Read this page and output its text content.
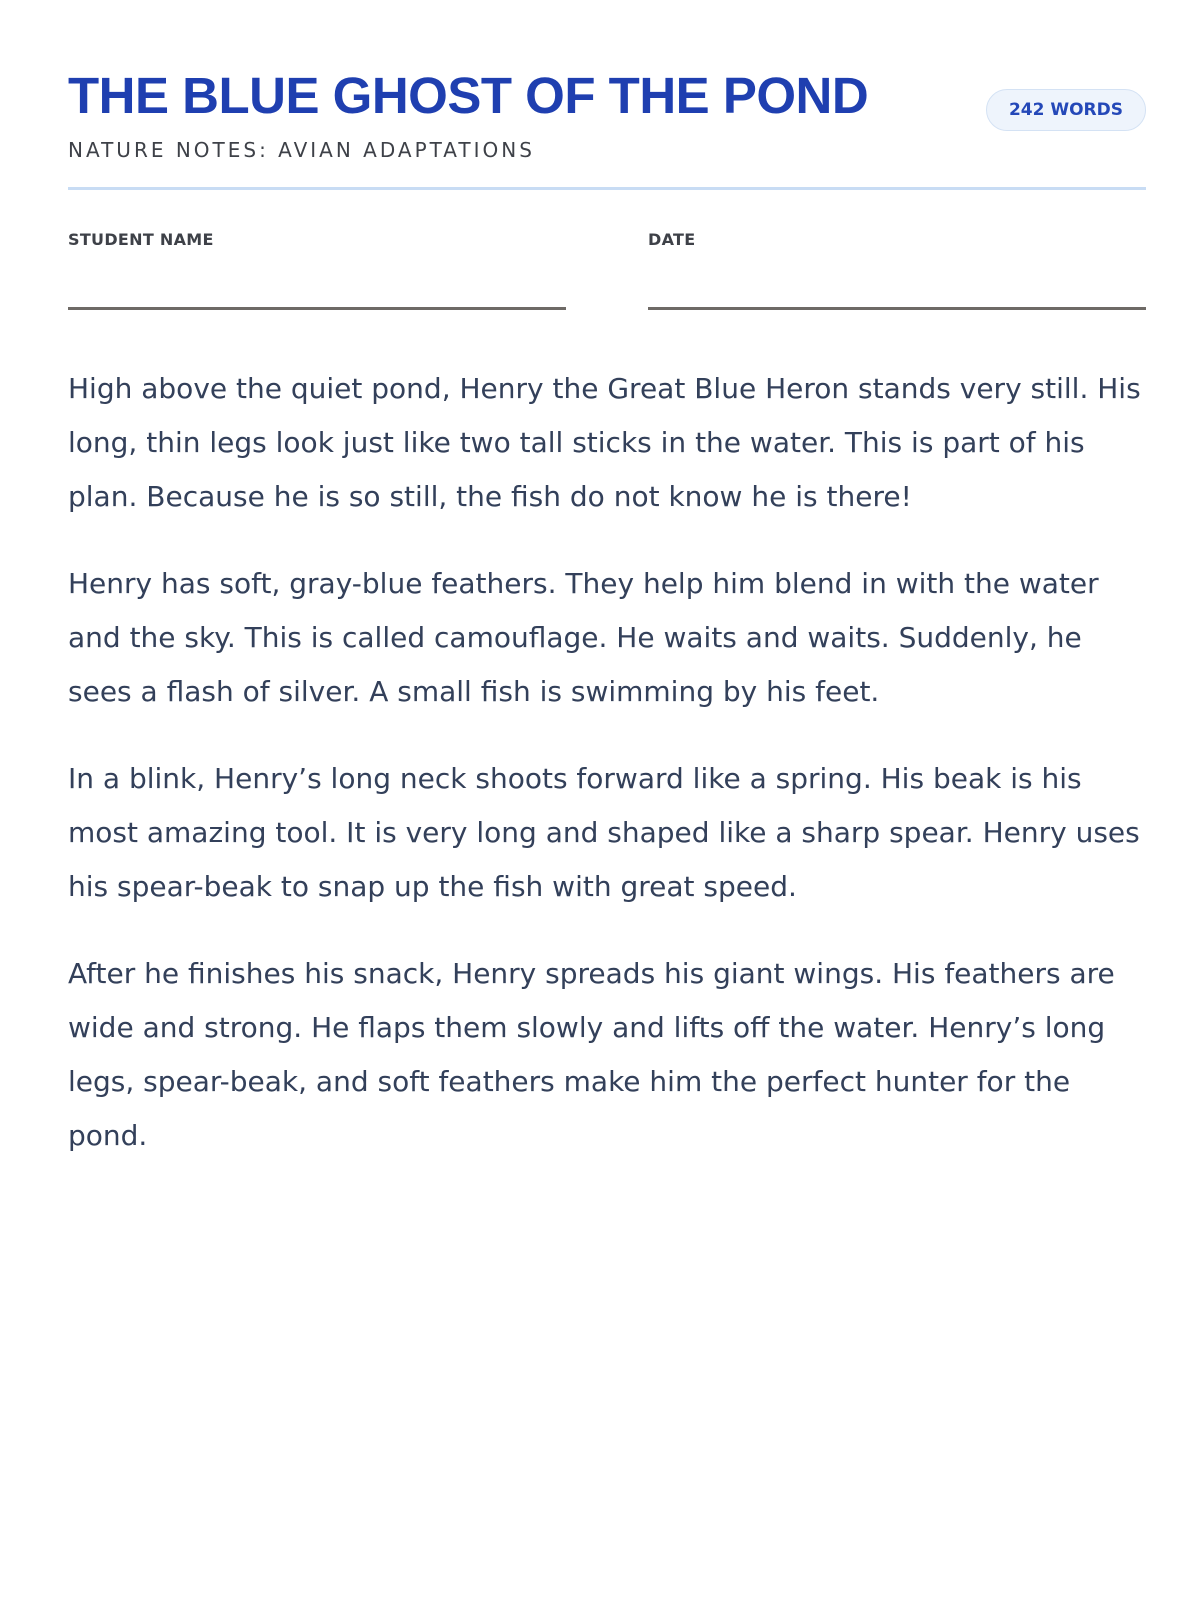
THE BLUE GHOST OF THE POND
NATURE NOTES: AVIAN ADAPTATIONS
242 WORDS
STUDENT NAME	DATE

High above the quiet pond, Henry the Great Blue Heron stands very still. His long, thin legs look just like two tall sticks in the water. This is part of his plan. Because he is so still, the fish do not know he is there!

Henry has soft, gray-blue feathers. They help him blend in with the water and the sky. This is called camouflage. He waits and waits. Suddenly, he sees a flash of silver. A small fish is swimming by his feet.

In a blink, Henry’s long neck shoots forward like a spring. His beak is his most amazing tool. It is very long and shaped like a sharp spear. Henry uses his spear-beak to snap up the fish with great speed.

After he finishes his snack, Henry spreads his giant wings. His feathers are wide and strong. He flaps them slowly and lifts off the water. Henry’s long legs, spear-beak, and soft feathers make him the perfect hunter for the pond.
